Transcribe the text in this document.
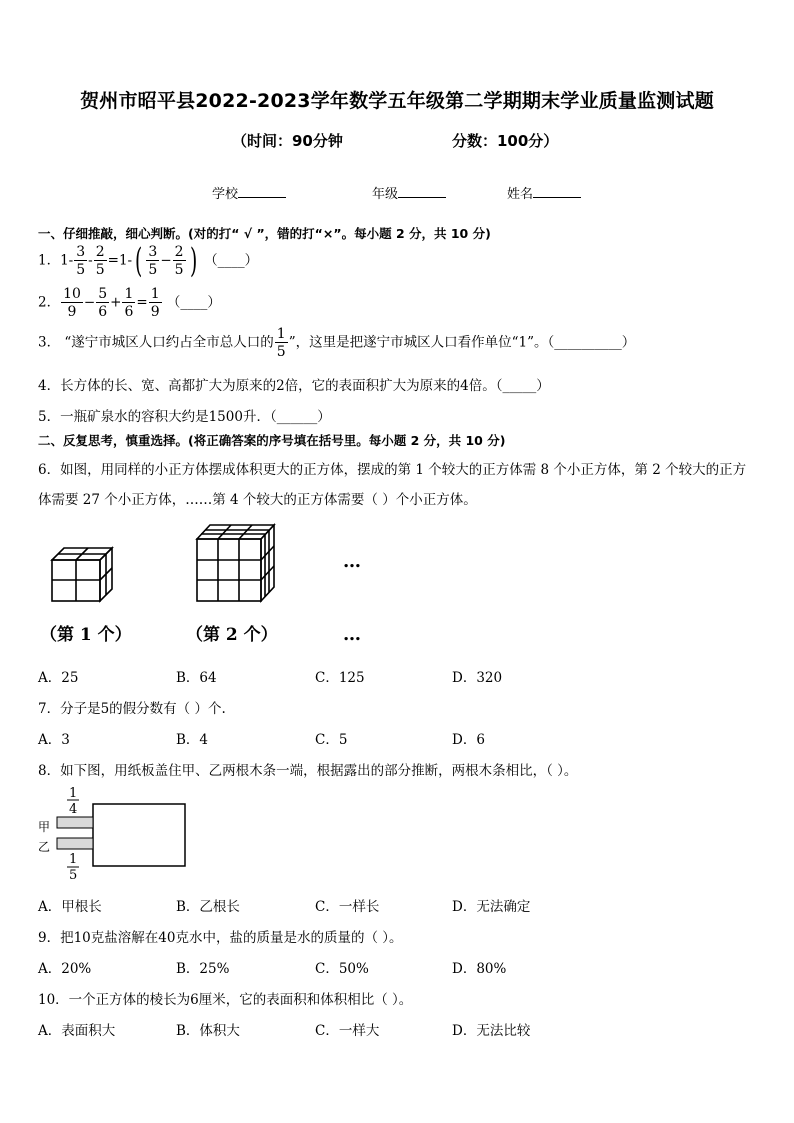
贺州市昭平县2022-2023学年数学五年级第二学期期末学业质量监测试题
（时间：90分钟	分数：100分）
学校	年级	姓名
一、仔细推敲，细心判断。(对的打“ √ ”，错的打“×”。每小题 2 分，共 10 分)
1．$1- \frac{3}{5} - \frac{2}{5} =1-( \frac{3}{5} - \frac{2}{5}$ ) （____）
2． $\frac{10}{9} - \frac{5}{6} + \frac{1}{6} = \frac{1}{9}$ （____）
3． “遂宁市城区人口约占全市总人口的 $\frac{1}{5}$ ”，这里是把遂宁市城区人口看作单位“1”。（__________）
4．长方体的长、宽、高都扩大为原来的2倍，它的表面积扩大为原来的4倍。（_____）
5．一瓶矿泉水的容积大约是1500升．（______）
二、反复思考，慎重选择。(将正确答案的序号填在括号里。每小题 2 分，共 10 分)
6．如图，用同样的小正方体摆成体积更大的正方体，摆成的第 1 个较大的正方体需 8 个小正方体，第 2 个较大的正方
体需要 27 个小正方体，……第 4 个较大的正方体需要（ ）个小正方体。
…
（第 1 个）	（第 2 个）	…
A．25	B．64	C．125	D．320
7．分子是5的假分数有（ ）个.
A．3	B．4	C．5	D．6
8．如下图，用纸板盖住甲、乙两根木条一端，根据露出的部分推断，两根木条相比，（ ）。
1
4
1
5
甲
乙
A．甲根长	B．乙根长	C．一样长	D．无法确定
9．把10克盐溶解在40克水中，盐的质量是水的质量的（ ）。
A．20%	B．25%	C．50%	D．80%
10．一个正方体的棱长为6厘米，它的表面积和体积相比（ ）。
A．表面积大	B．体积大	C．一样大	D．无法比较
